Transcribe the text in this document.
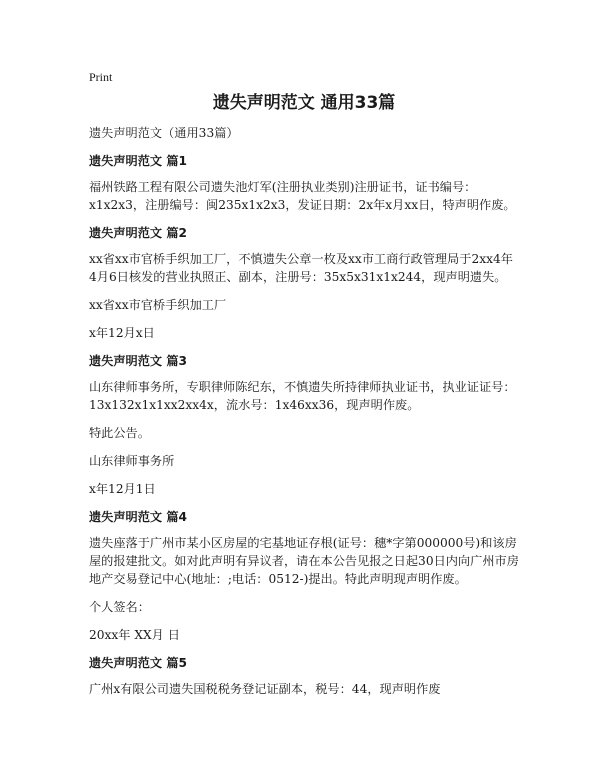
Print
遗失声明范文 通用33篇
遗失声明范文（通用33篇）
遗失声明范文 篇1
福州铁路工程有限公司遗失池灯军(注册执业类别)注册证书，证书编号：x1x2x3，注册编号：闽235x1x2x3，发证日期：2x年x月xx日，特声明作废。
遗失声明范文 篇2
xx省xx市官桥手织加工厂，不慎遗失公章一枚及xx市工商行政管理局于2xx4年4月6日核发的营业执照正、副本，注册号：35x5x31x1x244，现声明遗失。
xx省xx市官桥手织加工厂
x年12月x日
遗失声明范文 篇3
山东律师事务所，专职律师陈纪东，不慎遗失所持律师执业证书，执业证证号：13x132x1x1xx2xx4x，流水号：1x46xx36，现声明作废。
特此公告。
山东律师事务所
x年12月1日
遗失声明范文 篇4
遗失座落于广州市某小区房屋的宅基地证存根(证号：穗*字第000000号)和该房屋的报建批文。如对此声明有异议者，请在本公告见报之日起30日内向广州市房地产交易登记中心(地址：;电话：0512-)提出。特此声明现声明作废。
个人签名：
20xx年 XX月 日
遗失声明范文 篇5
广州x有限公司遗失国税税务登记证副本，税号：44，现声明作废
